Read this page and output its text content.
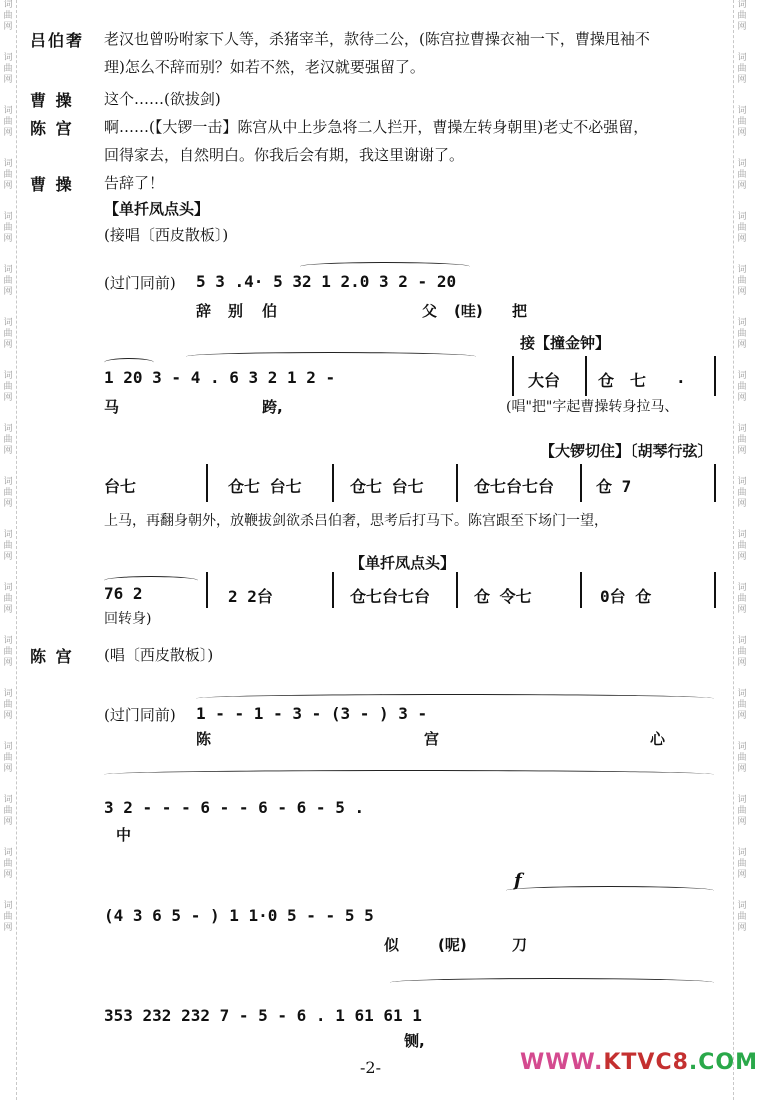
词
曲
网
词
曲
网
词
曲
网
词
曲
网
词
曲
网
词
曲
网
词
曲
网
词
曲
网
词
曲
网
词
曲
网
词
曲
网
词
曲
网
词
曲
网
词
曲
网
词
曲
网
词
曲
网
词
曲
网
词
曲
网
词
曲
网
词
曲
网
词
曲
网
词
曲
网
词
曲
网
词
曲
网
词
曲
网
词
曲
网
词
曲
网
词
曲
网
词
曲
网
词
曲
网
词
曲
网
词
曲
网
词
曲
网
词
曲
网
词
曲
网
词
曲
网
吕伯奢 老汉也曾吩咐家下人等，杀猪宰羊，款待二公，(陈宫拉曹操衣袖一下，曹操甩袖不
理)怎么不辞而别？如若不然，老汉就要强留了。
曹 操 这个……(欲拔剑)
陈 宫 啊……(【大锣一击】陈宫从中上步急将二人拦开，曹操左转身朝里)老丈不必强留，
回得家去，自然明白。你我后会有期，我这里谢谢了。
曹 操 告辞了！
【单扦凤点头】
(接唱〔西皮散板〕)
(过门同前) 5 3 .4· 5 32 1 2.0 3 2 - 20
辞 别 伯	父 (哇) 把
接【撞金钟】
1 20 3 - 4 . 6 3 2 1 2 -	大台 仓 七 .
马	跨,	(唱"把"字起曹操转身拉马、
【大锣切住】〔胡琴行弦〕
台七	仓七 台七	仓七 台七	仓七台七台	仓 7
上马，再翻身朝外，放鞭拔剑欲杀吕伯奢，思考后打马下。陈宫跟至下场门一望，
【单扦凤点头】
76 2	2 2台	仓七台七台	仓 令七	0台 仓
回转身)
陈 宫 (唱〔西皮散板〕)
(过门同前) 1 - - 1 - 3 - (3 - ) 3 -
陈	宫	心
3 2 - - - 6 - - 6 - 6 - 5 .
中
f
(4 3 6 5 - ) 1 1·0 5 - - 5 5
似	(呢)	刀
353 232 232 7 - 5 - 6 . 1 61 61 1
铡,
-2-	WWW.KTVC8.COM
